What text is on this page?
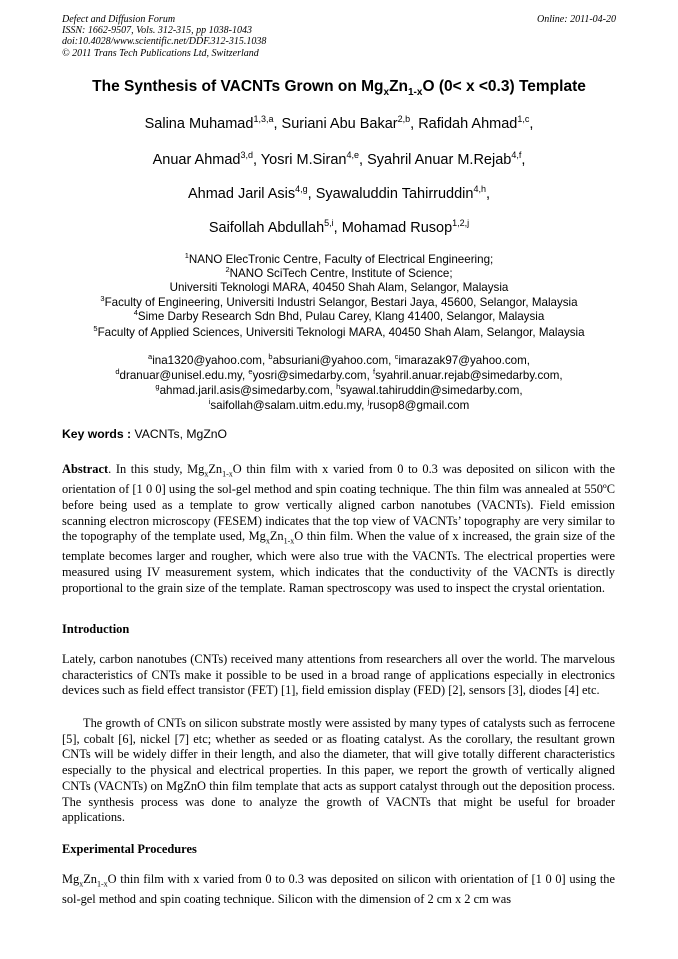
Defect and Diffusion Forum
ISSN: 1662-9507, Vols. 312-315, pp 1038-1043
doi:10.4028/www.scientific.net/DDF.312-315.1038
© 2011 Trans Tech Publications Ltd, Switzerland
Online: 2011-04-20
The Synthesis of VACNTs Grown on $Mg_xZn_{1-x}O$ (0< x <0.3) Template
Salina Muhamad$^{1,3,a}$, Suriani Abu Bakar$^{2,b}$, Rafidah Ahmad$^{1,c}$,
Anuar Ahmad$^{3,d}$, Yosri M.Siran$^{4,e}$, Syahril Anuar M.Rejab$^{4,f}$,
Ahmad Jaril Asis$^{4,g}$, Syawaluddin Tahirruddin$^{4,h}$,
Saifollah Abdullah$^{5,i}$, Mohamad Rusop$^{1,2,j}$
$^1$NANO ElecTronic Centre, Faculty of Electrical Engineering;
$^2$NANO SciTech Centre, Institute of Science;
Universiti Teknologi MARA, 40450 Shah Alam, Selangor, Malaysia
$^3$Faculty of Engineering, Universiti Industri Selangor, Bestari Jaya, 45600, Selangor, Malaysia
$^4$Sime Darby Research Sdn Bhd, Pulau Carey, Klang 41400, Selangor, Malaysia
$^5$Faculty of Applied Sciences, Universiti Teknologi MARA, 40450 Shah Alam, Selangor, Malaysia
$^a$ina1320@yahoo.com, $^b$absuriani@yahoo.com, $^c$imarazak97@yahoo.com,
$^d$dranuar@unisel.edu.my, $^e$yosri@simedarby.com, $^f$syahril.anuar.rejab@simedarby.com,
$^g$ahmad.jaril.asis@simedarby.com, $^h$syawal.tahiruddin@simedarby.com,
$^i$saifollah@salam.uitm.edu.my, $^j$rusop8@gmail.com
Key words : VACNTs, MgZnO
Abstract. In this study, $Mg_xZn_{1-x}O$ thin film with x varied from 0 to 0.3 was deposited on silicon with the orientation of [1 0 0] using the sol-gel method and spin coating technique. The thin film was annealed at 550ºC before being used as a template to grow vertically aligned carbon nanotubes (VACNTs). Field emission scanning electron microscopy (FESEM) indicates that the top view of VACNTs’ topography are very similar to the topography of the template used, $Mg_xZn_{1-x}O$ thin film. When the value of x increased, the grain size of the template becomes larger and rougher, which were also true with the VACNTs. The electrical properties were measured using IV measurement system, which indicates that the conductivity of the VACNTs is directly proportional to the grain size of the template. Raman spectroscopy was used to inspect the crystal orientation.
Introduction
Lately, carbon nanotubes (CNTs) received many attentions from researchers all over the world. The marvelous characteristics of CNTs make it possible to be used in a broad range of applications especially in electronics devices such as field effect transistor (FET) [1], field emission display (FED) [2], sensors [3], diodes [4] etc.
The growth of CNTs on silicon substrate mostly were assisted by many types of catalysts such as ferrocene [5], cobalt [6], nickel [7] etc; whether as seeded or as floating catalyst. As the corollary, the resultant grown CNTs will be widely differ in their length, and also the diameter, that will give totally different characteristics especially to the physical and electrical properties. In this paper, we report the growth of vertically aligned CNTs (VACNTs) on MgZnO thin film template that acts as support catalyst through out the deposition process. The synthesis process was done to analyze the growth of VACNTs that might be useful for broader applications.
Experimental Procedures
$Mg_xZn_{1-x}O$ thin film with x varied from 0 to 0.3 was deposited on silicon with orientation of [1 0 0] using the sol-gel method and spin coating technique. Silicon with the dimension of 2 cm x 2 cm was
